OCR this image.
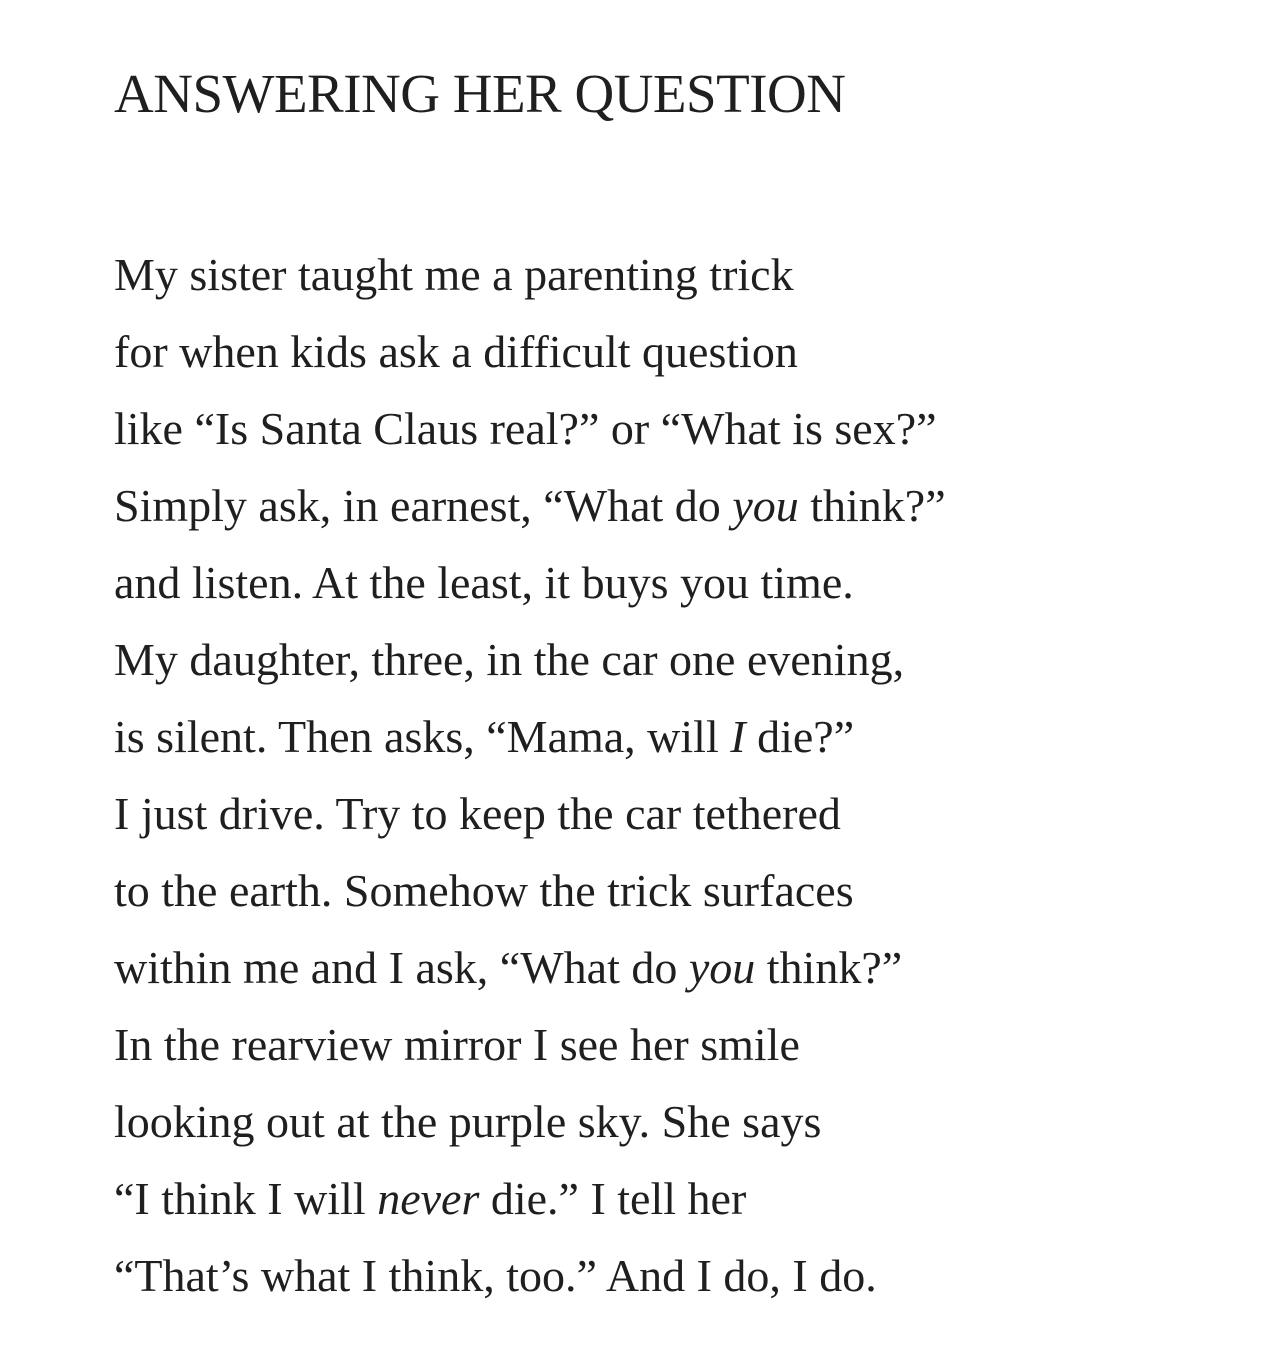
ANSWERING HER QUESTION
My sister taught me a parenting trick
for when kids ask a difficult question
like “Is Santa Claus real?” or “What is sex?”
Simply ask, in earnest, “What do you think?”
and listen. At the least, it buys you time.
My daughter, three, in the car one evening,
is silent. Then asks, “Mama, will I die?”
I just drive. Try to keep the car tethered
to the earth. Somehow the trick surfaces
within me and I ask, “What do you think?”
In the rearview mirror I see her smile
looking out at the purple sky. She says
“I think I will never die.” I tell her
“That’s what I think, too.” And I do, I do.
